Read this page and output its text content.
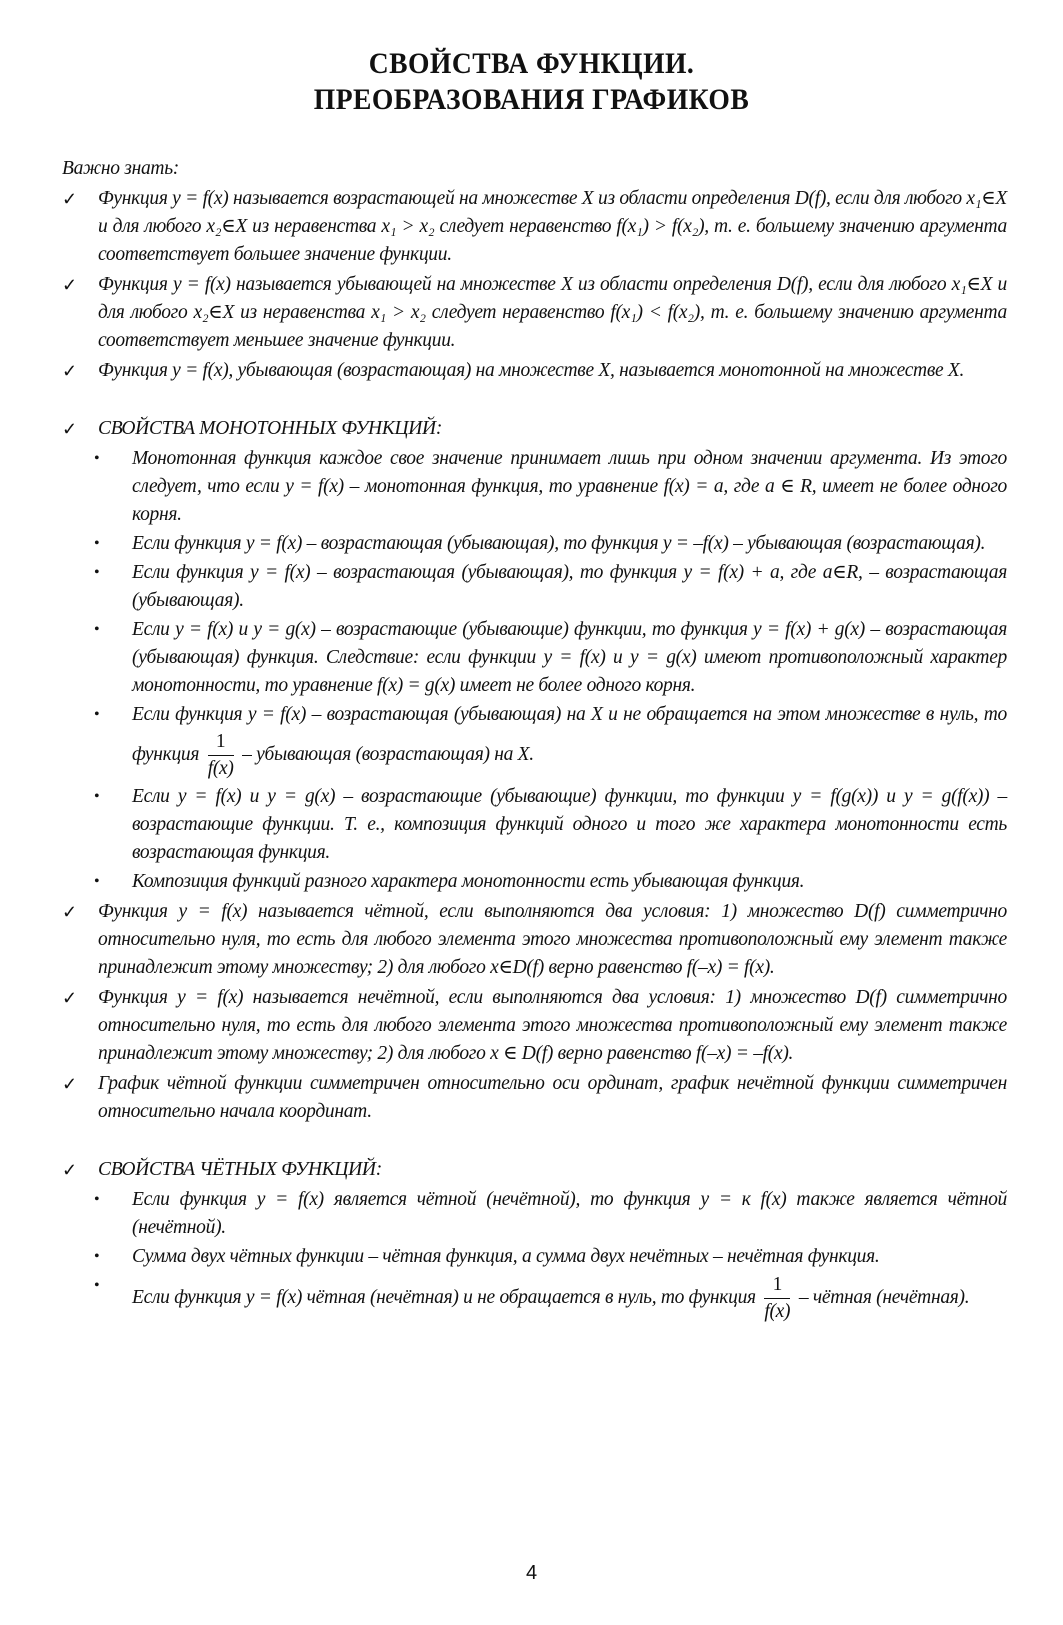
СВОЙСТВА ФУНКЦИИ.
ПРЕОБРАЗОВАНИЯ ГРАФИКОВ
Важно знать:
✓ Функция y = f(x) называется возрастающей на множестве X из области определения D(f), если для любого x₁∈X и для любого x₂∈X из неравенства x₁ > x₂ следует неравенство f(x₁) > f(x₂), т. е. большему значению аргумента соответствует большее значение функции.
✓ Функция y = f(x) называется убывающей на множестве X из области определения D(f), если для любого x₁∈X и для любого x₂∈X из неравенства x₁ > x₂ следует неравенство f(x₁) < f(x₂), т. е. большему значению аргумента соответствует меньшее значение функции.
✓ Функция y = f(x), убывающая (возрастающая) на множестве X, называется монотонной на множестве X.
✓ СВОЙСТВА МОНОТОННЫХ ФУНКЦИЙ:
• Монотонная функция каждое свое значение принимает лишь при одном значении аргумента. Из этого следует, что если y = f(x) – монотонная функция, то уравнение f(x) = a, где a ∈ R, имеет не более одного корня.
• Если функция y = f(x) – возрастающая (убывающая), то функция y = –f(x) – убывающая (возрастающая).
• Если функция y = f(x) – возрастающая (убывающая), то функция y = f(x) + a, где a∈R, – возрастающая (убывающая).
• Если y = f(x) и y = g(x) – возрастающие (убывающие) функции, то функция y = f(x) + g(x) – возрастающая (убывающая) функция. Следствие: если функции y = f(x) и y = g(x) имеют противоположный характер монотонности, то уравнение f(x) = g(x) имеет не более одного корня.
• Если функция y = f(x) – возрастающая (убывающая) на X и не обращается на этом множестве в нуль, то функция $\frac{1}{f(x)}$ – убывающая (возрастающая) на X.
• Если y = f(x) и y = g(x) – возрастающие (убывающие) функции, то функции y = f(g(x)) и y = g(f(x)) – возрастающие функции. Т. е., композиция функций одного и того же характера монотонности есть возрастающая функция.
• Композиция функций разного характера монотонности есть убывающая функция.
✓ Функция y = f(x) называется чётной, если выполняются два условия: 1) множество D(f) симметрично относительно нуля, то есть для любого элемента этого множества противоположный ему элемент также принадлежит этому множеству; 2) для любого x∈D(f) верно равенство f(–x) = f(x).
✓ Функция y = f(x) называется нечётной, если выполняются два условия: 1) множество D(f) симметрично относительно нуля, то есть для любого элемента этого множества противоположный ему элемент также принадлежит этому множеству; 2) для любого x ∈ D(f) верно равенство f(–x) = –f(x).
✓ График чётной функции симметричен относительно оси ординат, график нечётной функции симметричен относительно начала координат.
✓ СВОЙСТВА ЧЁТНЫХ ФУНКЦИЙ:
• Если функция y = f(x) является чётной (нечётной), то функция y = к f(x) также является чётной (нечётной).
• Сумма двух чётных функции – чётная функция, а сумма двух нечётных – нечётная функция.
•
Если функция y = f(x) чётная (нечётная) и не обращается в нуль, то функция $\frac{1}{f(x)}$ – чётная (нечётная).
4
